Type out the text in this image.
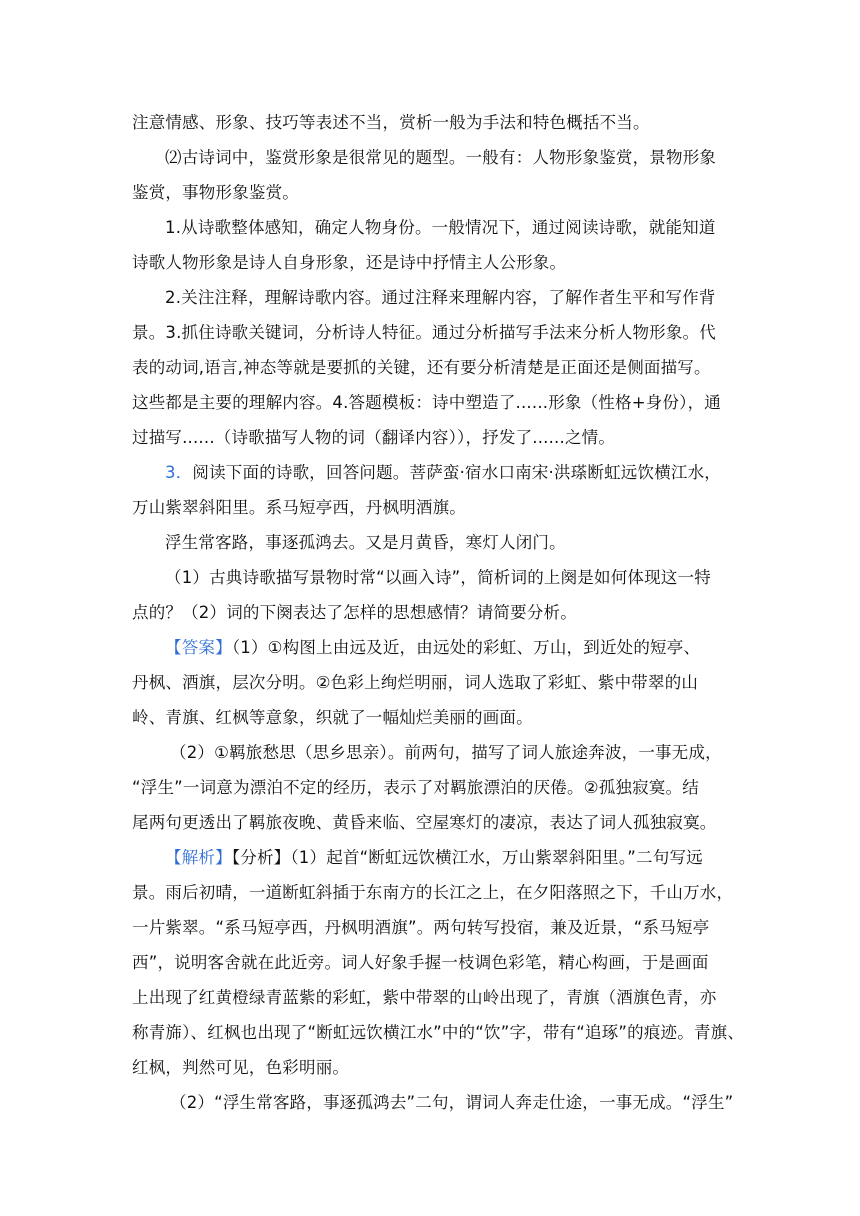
注意情感、形象、技巧等表述不当，赏析一般为手法和特色概括不当。
⑵古诗词中，鉴赏形象是很常见的题型。一般有：人物形象鉴赏，景物形象
鉴赏，事物形象鉴赏。
1.从诗歌整体感知，确定人物身份。一般情况下，通过阅读诗歌，就能知道
诗歌人物形象是诗人自身形象，还是诗中抒情主人公形象。
2.关注注释，理解诗歌内容。通过注释来理解内容，了解作者生平和写作背
景。3.抓住诗歌关键词，分析诗人特征。通过分析描写手法来分析人物形象。代
表的动词,语言,神态等就是要抓的关键，还有要分析清楚是正面还是侧面描写。
这些都是主要的理解内容。4.答题模板：诗中塑造了......形象（性格+身份），通
过描写......（诗歌描写人物的词（翻译内容）），抒发了......之情。
3．阅读下面的诗歌，回答问题。菩萨蛮·宿水口南宋·洪瑹断虹远饮横江水，
万山紫翠斜阳里。系马短亭西，丹枫明酒旗。
浮生常客路，事逐孤鸿去。又是月黄昏，寒灯人闭门。
（1）古典诗歌描写景物时常“以画入诗”，简析词的上阕是如何体现这一特
点的？（2）词的下阕表达了怎样的思想感情？请简要分析。
【答案】（1）①构图上由远及近，由远处的彩虹、万山，到近处的短亭、
丹枫、酒旗，层次分明。②色彩上绚烂明丽，词人选取了彩虹、紫中带翠的山
岭、青旗、红枫等意象，织就了一幅灿烂美丽的画面。
（2）①羁旅愁思（思乡思亲）。前两句，描写了词人旅途奔波，一事无成，
“浮生”一词意为漂泊不定的经历，表示了对羁旅漂泊的厌倦。②孤独寂寞。结
尾两句更透出了羁旅夜晚、黄昏来临、空屋寒灯的凄凉，表达了词人孤独寂寞。
【解析】【分析】（1）起首“断虹远饮横江水，万山紫翠斜阳里。”二句写远
景。雨后初晴，一道断虹斜插于东南方的长江之上，在夕阳落照之下，千山万水，
一片紫翠。“系马短亭西，丹枫明酒旗”。两句转写投宿，兼及近景，“系马短亭
西”，说明客舍就在此近旁。词人好象手握一枝调色彩笔，精心构画，于是画面
上出现了红黄橙绿青蓝紫的彩虹，紫中带翠的山岭出现了，青旗（酒旗色青，亦
称青旆）、红枫也出现了“断虹远饮横江水”中的“饮”字，带有“追琢”的痕迹。青旗、
红枫，判然可见，色彩明丽。
（2）“浮生常客路，事逐孤鸿去”二句，谓词人奔走仕途，一事无成。“浮生”
